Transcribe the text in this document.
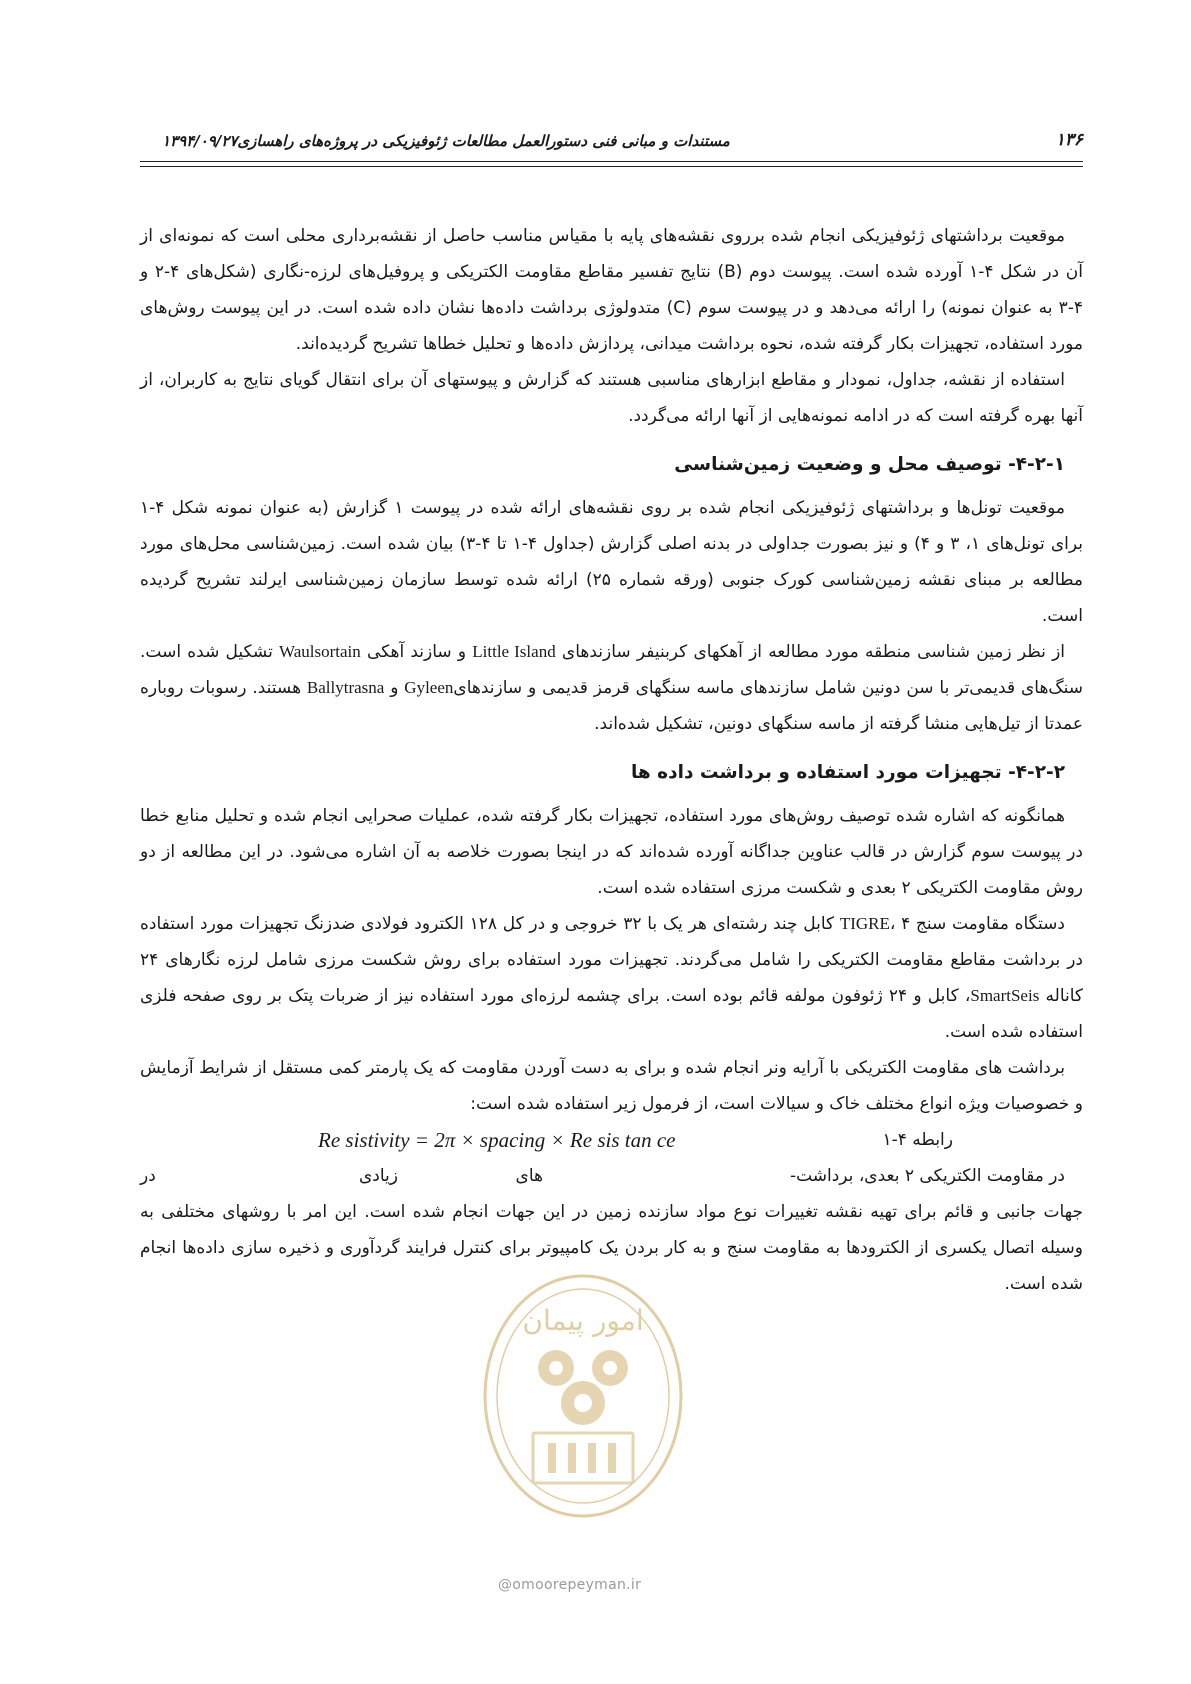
۱۳۶
مستندات و مبانی فنی دستورالعمل مطالعات ژئوفیزیکی در پروژه‌های راهسازی۱۳۹۴/۰۹/۲۷

موقعیت برداشتهای ژئوفیزیکی انجام شده برروی نقشه‌های پایه با مقیاس مناسب حاصل از نقشه‌برداری محلی است که نمونه‌ای از آن در شکل ۴-۱ آورده شده است. پیوست دوم (B) نتایج تفسیر مقاطع مقاومت الکتریکی و پروفیل‌های لرزه-نگاری (شکل‌های ۴-۲ و ۴-۳ به عنوان نمونه) را ارائه می‌دهد و در پیوست سوم (C) متدولوژی برداشت داده‌ها نشان داده شده است. در این پیوست روش‌های مورد استفاده، تجهیزات بکار گرفته شده، نحوه برداشت میدانی، پردازش داده‌ها و تحلیل خطاها تشریح گردیده‌اند.

استفاده از نقشه، جداول، نمودار و مقاطع ابزارهای مناسبی هستند که گزارش و پیوستهای آن برای انتقال گویای نتایج به کاربران، از آنها بهره گرفته است که در ادامه نمونه‌هایی از آنها ارائه می‌گردد.

۴-۲-۱- توصیف محل و وضعیت زمین‌شناسی

موقعیت تونل‌ها و برداشتهای ژئوفیزیکی انجام شده بر روی نقشه‌های ارائه شده در پیوست ۱ گزارش (به عنوان نمونه شکل ۴-۱ برای تونل‌های ۱، ۳ و ۴) و نیز بصورت جداولی در بدنه اصلی گزارش (جداول ۴-۱ تا ۴-۳) بیان شده است. زمین‌شناسی محل‌های مورد مطالعه بر مبنای نقشه زمین‌شناسی کورک جنوبی (ورقه شماره ۲۵) ارائه شده توسط سازمان زمین‌شناسی ایرلند تشریح گردیده است.

از نظر زمین شناسی منطقه مورد مطالعه از آهکهای کربنیفر سازندهای Little Island و سازند آهکی Waulsortain تشکیل شده است. سنگ‌های قدیمی‌تر با سن دونین شامل سازندهای ماسه سنگهای قرمز قدیمی و سازندهایGyleen و Ballytrasna هستند. رسوبات روباره عمدتا از تیل‌هایی منشا گرفته از ماسه سنگهای دونین، تشکیل شده‌اند.

۴-۲-۲- تجهیزات مورد استفاده و برداشت داده ها

همانگونه که اشاره شده توصیف روش‌های مورد استفاده، تجهیزات بکار گرفته شده، عملیات صحرایی انجام شده و تحلیل منابع خطا در پیوست سوم گزارش در قالب عناوین جداگانه آورده شده‌اند که در اینجا بصورت خلاصه به آن اشاره می‌شود. در این مطالعه از دو روش مقاومت الکتریکی ۲ بعدی و شکست مرزی استفاده شده است.

دستگاه مقاومت سنج TIGRE، ۴ کابل چند رشته‌ای هر یک با ۳۲ خروجی و در کل ۱۲۸ الکترود فولادی ضدزنگ تجهیزات مورد استفاده در برداشت مقاطع مقاومت الکتریکی را شامل می‌گردند. تجهیزات مورد استفاده برای روش شکست مرزی شامل لرزه نگارهای ۲۴ کاناله SmartSeis، کابل و ۲۴ ژئوفون مولفه قائم بوده است. برای چشمه لرزه‌ای مورد استفاده نیز از ضربات پتک بر روی صفحه فلزی استفاده شده است.

برداشت های مقاومت الکتریکی با آرایه ونر انجام شده و برای به دست آوردن مقاومت که یک پارمتر کمی مستقل از شرایط آزمایش و خصوصیات ویژه انواع مختلف خاک و سیالات است، از فرمول زیر استفاده شده است:

رابطه ۴-۱
Re sistivity = 2π × spacing × Re sis tan ce
در مقاومت الکتریکی ۲ بعدی، برداشت-
های
زیادی
در

جهات جانبی و قائم برای تهیه نقشه تغییرات نوع مواد سازنده زمین در این جهات انجام شده است. این امر با روشهای مختلفی به وسیله اتصال یکسری از الکترودها به مقاومت سنج و به کار بردن یک کامپیوتر برای کنترل فرایند گردآوری و ذخیره سازی داده‌ها انجام شده است.

امور پیمان
@omoorepeyman.ir
